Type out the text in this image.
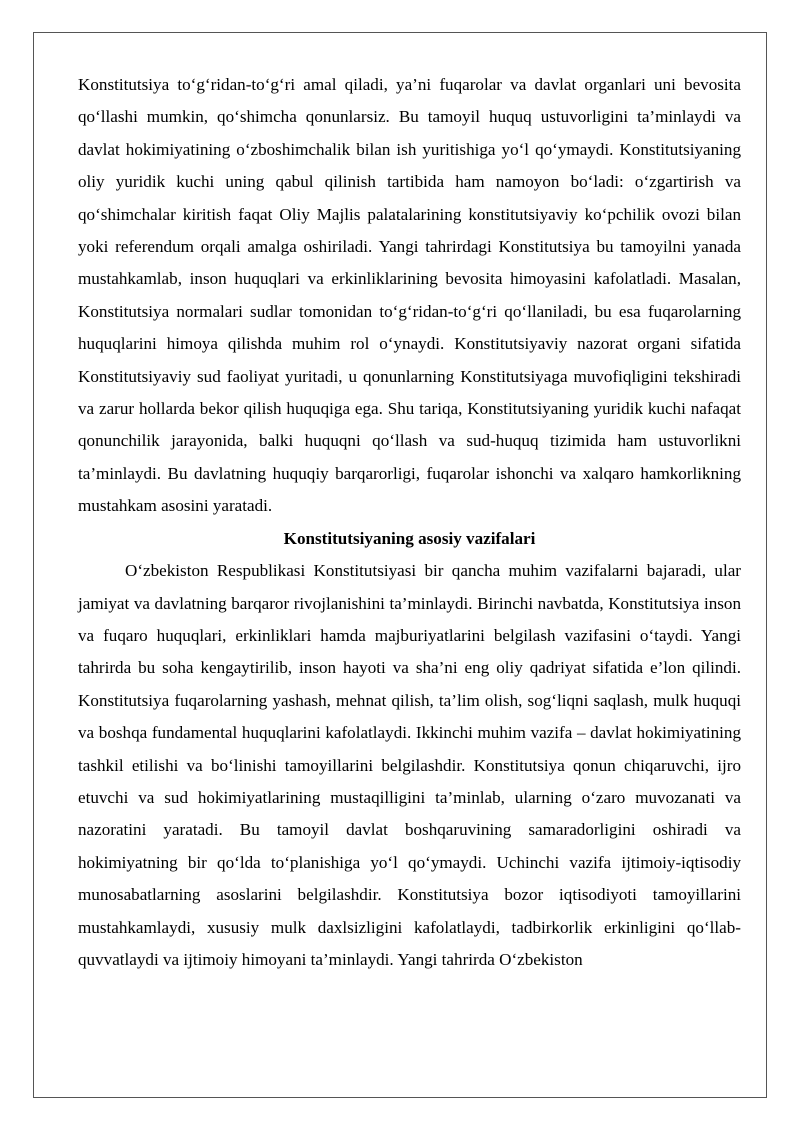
Konstitutsiya to‘g‘ridan-to‘g‘ri amal qiladi, ya’ni fuqarolar va davlat organlari uni bevosita qo‘llashi mumkin, qo‘shimcha qonunlarsiz. Bu tamoyil huquq ustuvorligini ta’minlaydi va davlat hokimiyatining o‘zboshimchalik bilan ish yuritishiga yo‘l qo‘ymaydi. Konstitutsiyaning oliy yuridik kuchi uning qabul qilinish tartibida ham namoyon bo‘ladi: o‘zgartirish va qo‘shimchalar kiritish faqat Oliy Majlis palatalarining konstitutsiyaviy ko‘pchilik ovozi bilan yoki referendum orqali amalga oshiriladi. Yangi tahrirdagi Konstitutsiya bu tamoyilni yanada mustahkamlab, inson huquqlari va erkinliklarining bevosita himoyasini kafolatladi. Masalan, Konstitutsiya normalari sudlar tomonidan to‘g‘ridan-to‘g‘ri qo‘llaniladi, bu esa fuqarolarning huquqlarini himoya qilishda muhim rol o‘ynaydi. Konstitutsiyaviy nazorat organi sifatida Konstitutsiyaviy sud faoliyat yuritadi, u qonunlarning Konstitutsiyaga muvofiqligini tekshiradi va zarur hollarda bekor qilish huquqiga ega. Shu tariqa, Konstitutsiyaning yuridik kuchi nafaqat qonunchilik jarayonida, balki huquqni qo‘llash va sud-huquq tizimida ham ustuvorlikni ta’minlaydi. Bu davlatning huquqiy barqarorligi, fuqarolar ishonchi va xalqaro hamkorlikning mustahkam asosini yaratadi.

Konstitutsiyaning asosiy vazifalari

O‘zbekiston Respublikasi Konstitutsiyasi bir qancha muhim vazifalarni bajaradi, ular jamiyat va davlatning barqaror rivojlanishini ta’minlaydi. Birinchi navbatda, Konstitutsiya inson va fuqaro huquqlari, erkinliklari hamda majburiyatlarini belgilash vazifasini o‘taydi. Yangi tahrirda bu soha kengaytirilib, inson hayoti va sha’ni eng oliy qadriyat sifatida e’lon qilindi. Konstitutsiya fuqarolarning yashash, mehnat qilish, ta’lim olish, sog‘liqni saqlash, mulk huquqi va boshqa fundamental huquqlarini kafolatlaydi. Ikkinchi muhim vazifa – davlat hokimiyatining tashkil etilishi va bo‘linishi tamoyillarini belgilashdir. Konstitutsiya qonun chiqaruvchi, ijro etuvchi va sud hokimiyatlarining mustaqilligini ta’minlab, ularning o‘zaro muvozanati va nazoratini yaratadi. Bu tamoyil davlat boshqaruvining samaradorligini oshiradi va hokimiyatning bir qo‘lda to‘planishiga yo‘l qo‘ymaydi. Uchinchi vazifa ijtimoiy-iqtisodiy munosabatlarning asoslarini belgilashdir. Konstitutsiya bozor iqtisodiyoti tamoyillarini mustahkamlaydi, xususiy mulk daxlsizligini kafolatlaydi, tadbirkorlik erkinligini qo‘llab-quvvatlaydi va ijtimoiy himoyani ta’minlaydi. Yangi tahrirda O‘zbekiston
